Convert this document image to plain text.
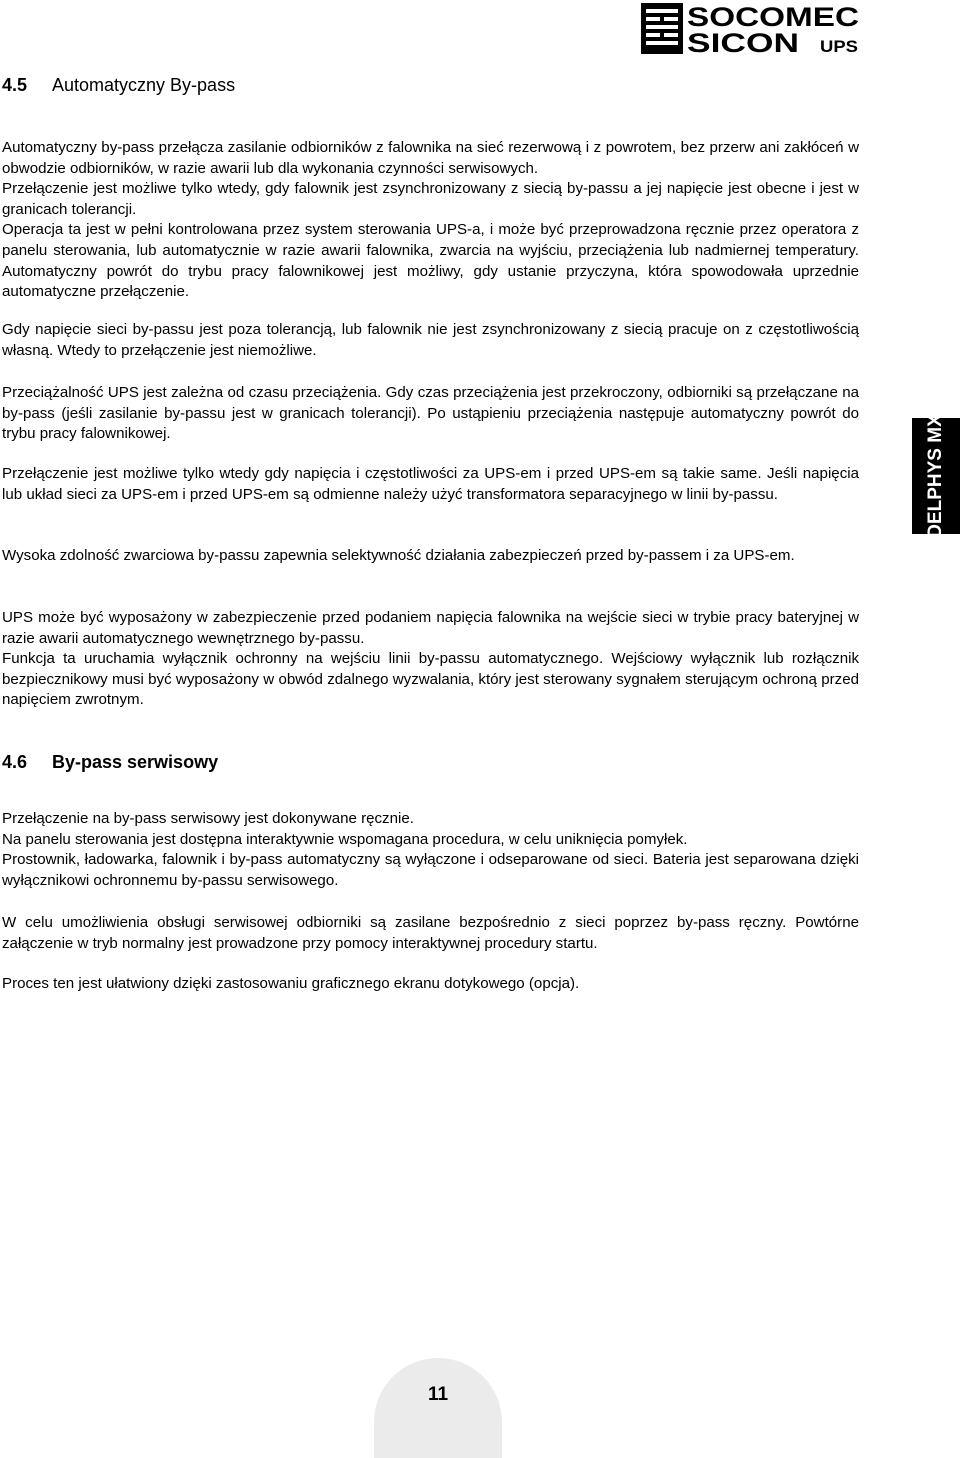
SOCOMEC
SICON UPS
DELPHYS MX
4.5 Automatyczny By-pass

Automatyczny by-pass przełącza zasilanie odbiorników z falownika na sieć rezerwową i z powrotem, bez przerw ani zakłóceń w obwodzie odbiorników, w razie awarii lub dla wykonania czynności serwisowych.
Przełączenie jest możliwe tylko wtedy, gdy falownik jest zsynchronizowany z siecią by-passu a jej napięcie jest obecne i jest w granicach tolerancji.
Operacja ta jest w pełni kontrolowana przez system sterowania UPS-a, i może być przeprowadzona ręcznie przez operatora z panelu sterowania, lub automatycznie w razie awarii falownika, zwarcia na wyjściu, przeciążenia lub nadmiernej temperatury. Automatyczny powrót do trybu pracy falownikowej jest możliwy, gdy ustanie przyczyna, która spowodowała uprzednie automatyczne przełączenie.

Gdy napięcie sieci by-passu jest poza tolerancją, lub falownik nie jest zsynchronizowany z siecią pracuje on z częstotliwością własną. Wtedy to przełączenie jest niemożliwe.

Przeciążalność UPS jest zależna od czasu przeciążenia. Gdy czas przeciążenia jest przekroczony, odbiorniki są przełączane na by-pass (jeśli zasilanie by-passu jest w granicach tolerancji). Po ustąpieniu przeciążenia następuje automatyczny powrót do trybu pracy falownikowej.

Przełączenie jest możliwe tylko wtedy gdy napięcia i częstotliwości za UPS-em i przed UPS-em są takie same. Jeśli napięcia lub układ sieci za UPS-em i przed UPS-em są odmienne należy użyć transformatora separacyjnego w linii by-passu.

Wysoka zdolność zwarciowa by-passu zapewnia selektywność działania zabezpieczeń przed by-passem i za UPS-em.

UPS może być wyposażony w zabezpieczenie przed podaniem napięcia falownika na wejście sieci w trybie pracy bateryjnej w razie awarii automatycznego wewnętrznego by-passu.
Funkcja ta uruchamia wyłącznik ochronny na wejściu linii by-passu automatycznego. Wejściowy wyłącznik lub rozłącznik bezpiecznikowy musi być wyposażony w obwód zdalnego wyzwalania, który jest sterowany sygnałem sterującym ochroną przed napięciem zwrotnym.

4.6 By-pass serwisowy

Przełączenie na by-pass serwisowy jest dokonywane ręcznie.
Na panelu sterowania jest dostępna interaktywnie wspomagana procedura, w celu uniknięcia pomyłek.
Prostownik, ładowarka, falownik i by-pass automatyczny są wyłączone i odseparowane od sieci. Bateria jest separowana dzięki wyłącznikowi ochronnemu by-passu serwisowego.

W celu umożliwienia obsługi serwisowej odbiorniki są zasilane bezpośrednio z sieci poprzez by-pass ręczny. Powtórne załączenie w tryb normalny jest prowadzone przy pomocy interaktywnej procedury startu.

Proces ten jest ułatwiony dzięki zastosowaniu graficznego ekranu dotykowego (opcja).

11
